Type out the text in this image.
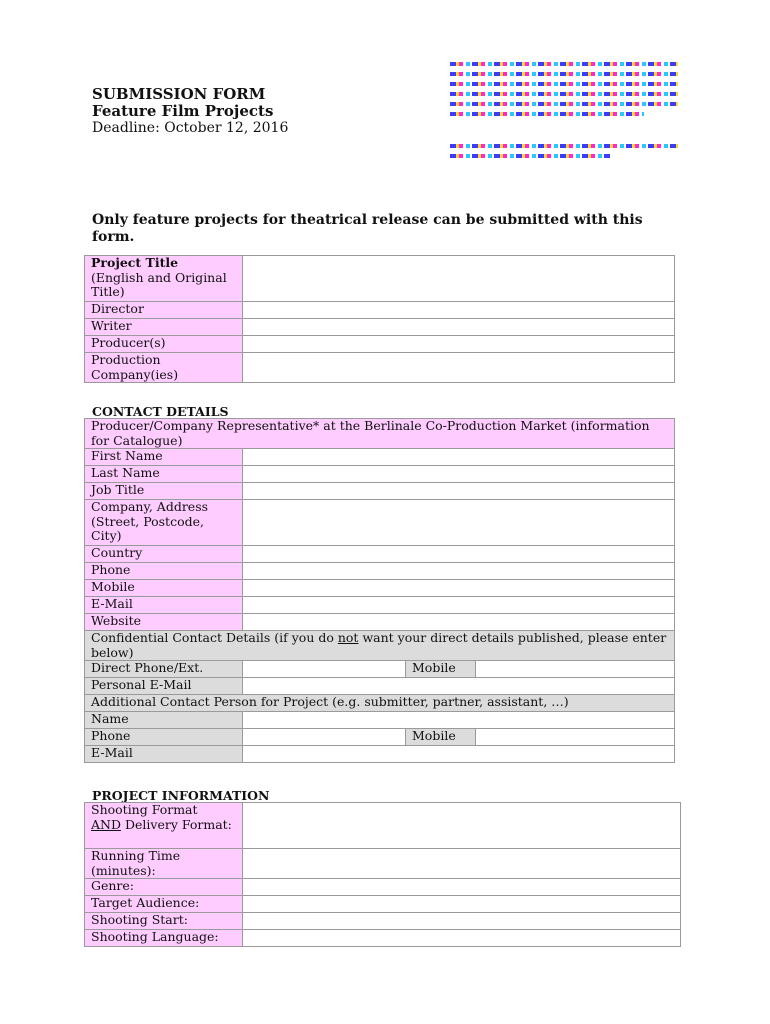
SUBMISSION FORM
Feature Film Projects
Deadline: October 12, 2016
Only feature projects for theatrical release can be submitted with this form.
Project Title
(English and Original Title)	
Director	
Writer	
Producer(s)	
Production Company(ies)	
CONTACT DETAILS
Producer/Company Representative* at the Berlinale Co-Production Market (information for Catalogue)			
First Name			
Last Name			
Job Title			
Company, Address (Street, Postcode, City)			
Country			
Phone			
Mobile			
E-Mail			
Website			
Confidential Contact Details (if you do not want your direct details published, please enter below)			
Direct Phone/Ext.		Mobile	
Personal E-Mail			
Additional Contact Person for Project (e.g. submitter, partner, assistant, …)			
Name			
Phone		Mobile	
E-Mail			
PROJECT INFORMATION
Shooting Format
AND Delivery Format:	
Running Time (minutes):	
Genre:	
Target Audience:	
Shooting Start:	
Shooting Language:	
